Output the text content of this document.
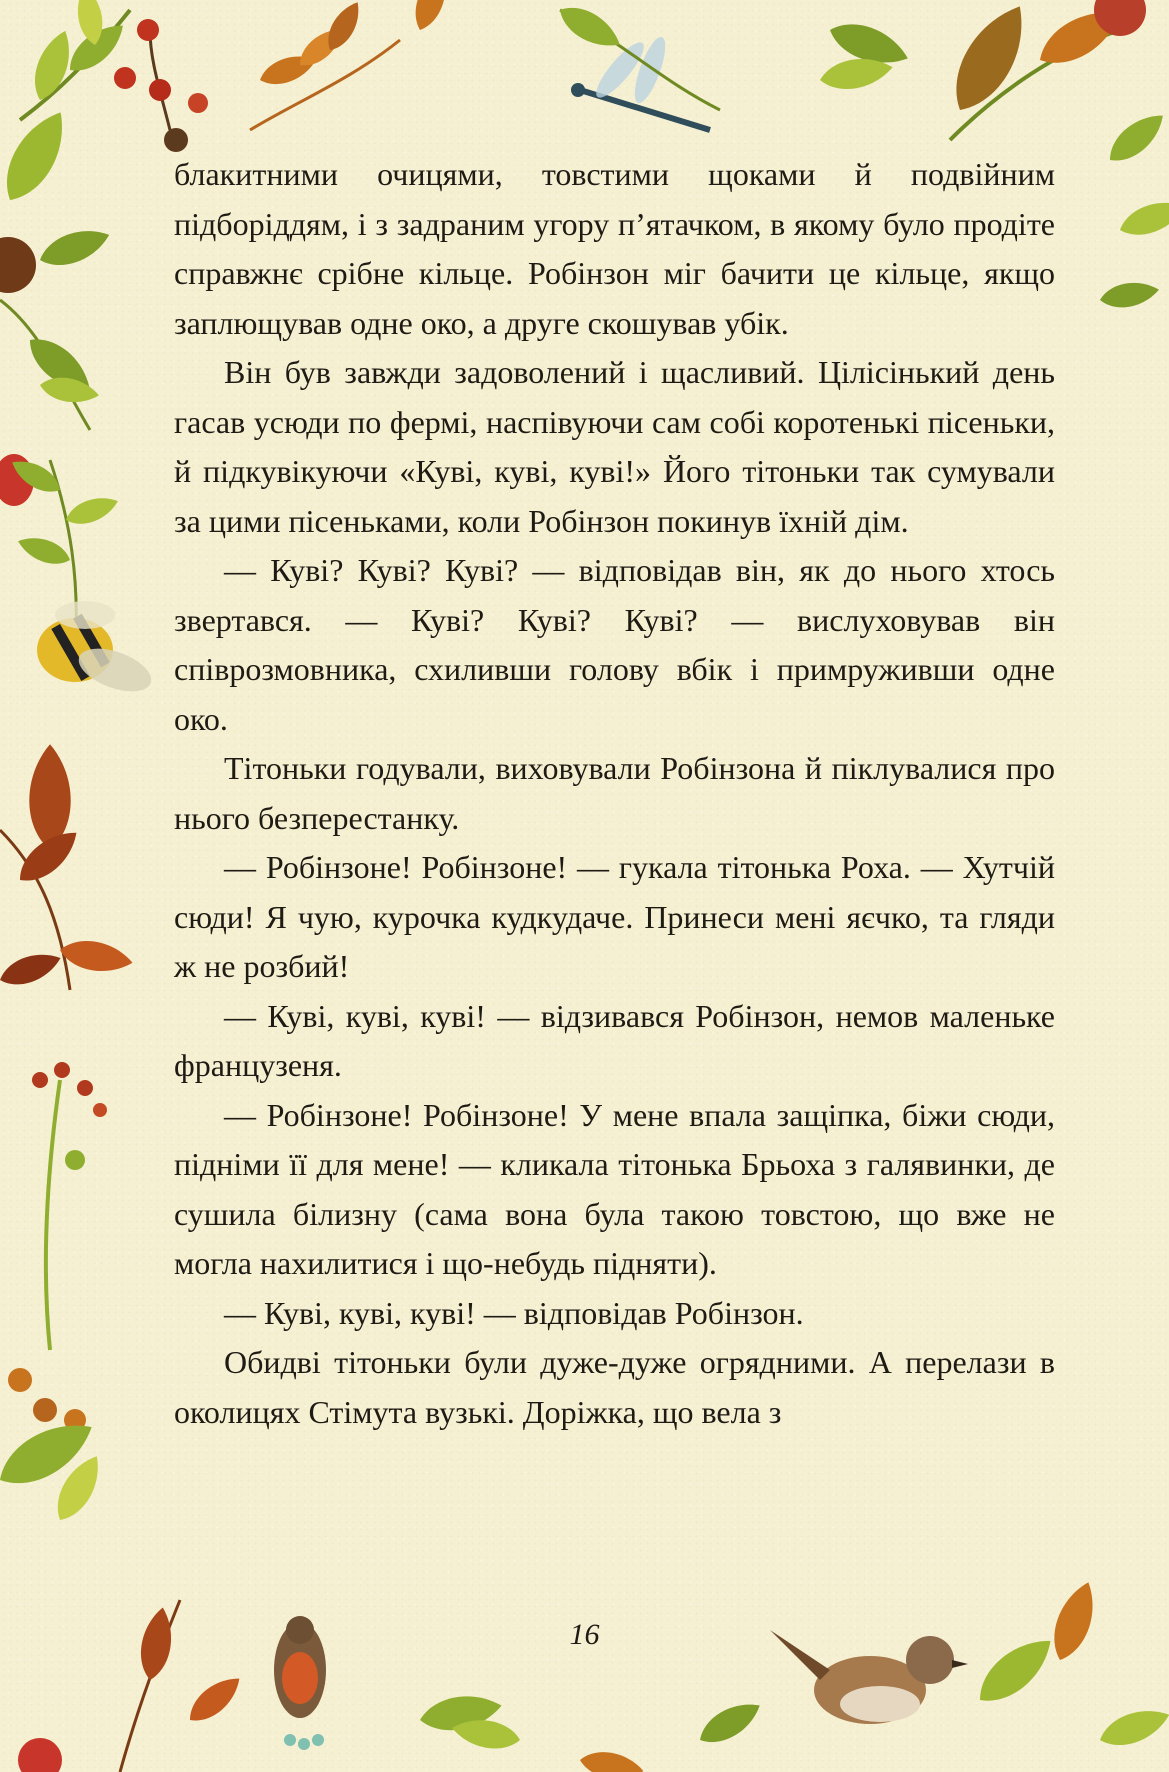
блакитними очицями, товстими щоками й подвійним підборіддям, і з задраним угору п’ятачком, в якому було продіте справжнє срібне кільце. Робінзон міг бачити це кільце, якщо заплющував одне око, а друге скошував убік.

Він був завжди задоволений і щасливий. Цілісінький день гасав усюди по фермі, наспівуючи сам собі коротенькі пісеньки, й підкувікуючи «Куві, куві, куві!» Його тітоньки так сумували за цими пісеньками, коли Робінзон покинув їхній дім.

— Куві? Куві? Куві? — відповідав він, як до нього хтось звертався. — Куві? Куві? Куві? — вислуховував він співрозмовника, схиливши голову вбік і примруживши одне око.

Тітоньки годували, виховували Робінзона й піклувалися про нього безперестанку.

— Робінзоне! Робінзоне! — гукала тітонька Роха. — Хутчій сюди! Я чую, курочка кудкудаче. Принеси мені яєчко, та гляди ж не розбий!

— Куві, куві, куві! — відзивався Робінзон, немов маленьке французеня.

— Робінзоне! Робінзоне! У мене впала защіпка, біжи сюди, підніми її для мене! — кликала тітонька Брьоха з галявинки, де сушила білизну (сама вона була такою товстою, що вже не могла нахилитися і що-небудь підняти).

— Куві, куві, куві! — відповідав Робінзон.

Обидві тітоньки були дуже-дуже огрядними. А перелази в околицях Стімута вузькі. Доріжка, що вела з

16
